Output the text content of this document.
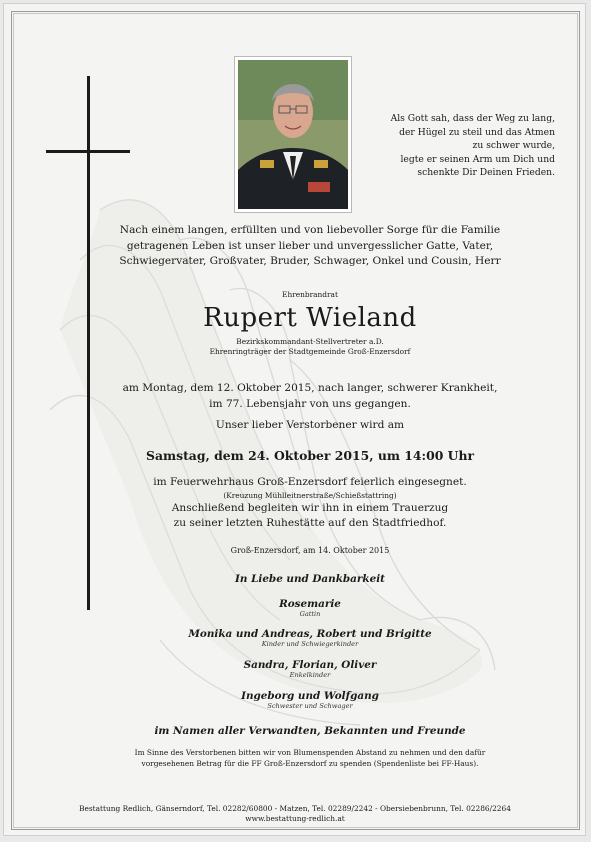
Als Gott sah, dass der Weg zu lang,
der Hügel zu steil und das Atmen
zu schwer wurde,
legte er seinen Arm um Dich und
schenkte Dir Deinen Frieden.
Nach einem langen, erfüllten und von liebevoller Sorge für die Familie
getragenen Leben ist unser lieber und unvergesslicher Gatte, Vater,
Schwiegervater, Großvater, Bruder, Schwager, Onkel und Cousin, Herr
Ehrenbrandrat
Rupert Wieland
Bezirkskommandant-Stellvertreter a.D.
Ehrenringträger der Stadtgemeinde Groß-Enzersdorf
am Montag, dem 12. Oktober 2015, nach langer, schwerer Krankheit,
im 77. Lebensjahr von uns gegangen.
Unser lieber Verstorbener wird am
Samstag, dem 24. Oktober 2015, um 14:00 Uhr
im Feuerwehrhaus Groß-Enzersdorf feierlich eingesegnet.
(Kreuzung Mühlleitnerstraße/Schießstattring)
Anschließend begleiten wir ihn in einem Trauerzug
zu seiner letzten Ruhestätte auf den Stadtfriedhof.
Groß-Enzersdorf, am 14. Oktober 2015
In Liebe und Dankbarkeit
Rosemarie
Gattin
Monika und Andreas, Robert und Brigitte
Kinder und Schwiegerkinder
Sandra, Florian, Oliver
Enkelkinder
Ingeborg und Wolfgang
Schwester und Schwager
im Namen aller Verwandten, Bekannten und Freunde
Im Sinne des Verstorbenen bitten wir von Blumenspenden Abstand zu nehmen und den dafür
vorgesehenen Betrag für die FF Groß-Enzersdorf zu spenden (Spendenliste bei FF-Haus).
Bestattung Redlich, Gänserndorf, Tel. 02282/60800 - Matzen, Tel. 02289/2242 - Obersiebenbrunn, Tel. 02286/2264
www.bestattung-redlich.at
